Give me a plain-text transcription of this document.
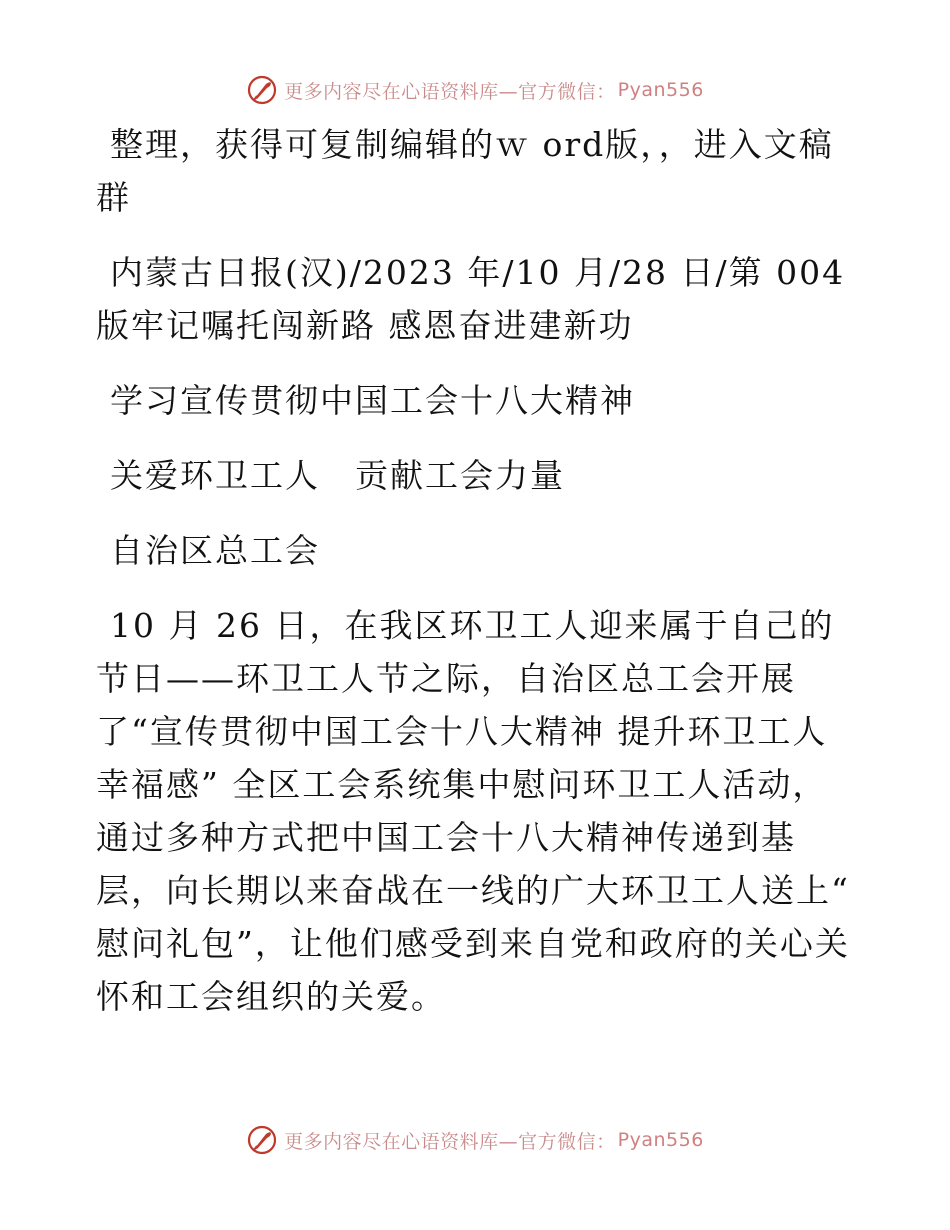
更多内容尽在心语资料库—官方微信： Pyan556

整理，获得可复制编辑的ｗ ord版，，进入文稿群

内蒙古日报(汉)/2023 年/10 月/28 日/第 004 版牢记嘱托闯新路 感恩奋进建新功

学习宣传贯彻中国工会十八大精神

关爱环卫工人　贡献工会力量

自治区总工会

10 月 26 日，在我区环卫工人迎来属于自己的节日——环卫工人节之际，自治区总工会开展了“宣传贯彻中国工会十八大精神 提升环卫工人幸福感” 全区工会系统集中慰问环卫工人活动，通过多种方式把中国工会十八大精神传递到基层，向长期以来奋战在一线的广大环卫工人送上“ 慰问礼包”，让他们感受到来自党和政府的关心关怀和工会组织的关爱。

更多内容尽在心语资料库—官方微信： Pyan556
